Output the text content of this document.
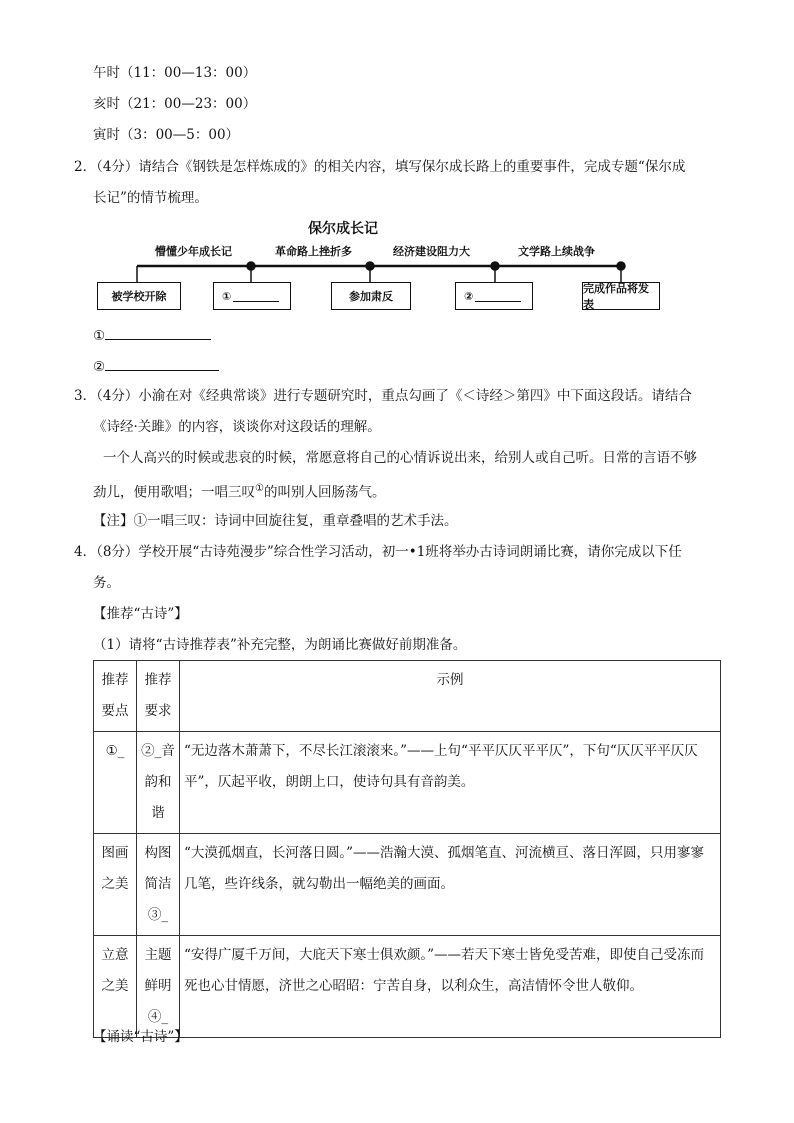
午时（11：00—13：00）
亥时（21：00—23：00）
寅时（3：00—5：00）
2．（4分）请结合《钢铁是怎样炼成的》的相关内容，填写保尔成长路上的重要事件，完成专题“保尔成
长记”的情节梳理。
保尔成长记
懵懂少年成长记	革命路上挫折多	经济建设阻力大	文学路上续战争
被学校开除	①	参加肃反	②
完成作品将发表
①
②
3．（4分）小渝在对《经典常谈》进行专题研究时，重点勾画了《＜诗经＞第四》中下面这段话。请结合
《诗经·关雎》的内容，谈谈你对这段话的理解。
一个人高兴的时候或悲哀的时候，常愿意将自己的心情诉说出来，给别人或自己听。日常的言语不够
劲儿，便用歌唱；一唱三叹①的叫别人回肠荡气。
【注】①一唱三叹：诗词中回旋往复，重章叠唱的艺术手法。
4．（8分）学校开展“古诗苑漫步”综合性学习活动，初一•1班将举办古诗词朗诵比赛，请你完成以下任
务。
【推荐“古诗”】
（1）请将“古诗推荐表”补充完整，为朗诵比赛做好前期准备。
推荐要点	推荐要求	示例
①_	②_音韵和谐	“无边落木萧萧下，不尽长江滚滚来。”——上句“平平仄仄平平仄”，下句“仄仄平平仄仄平”，仄起平收，朗朗上口，使诗句具有音韵美。
图画之美	构图简洁③_	“大漠孤烟直，长河落日圆。”——浩瀚大漠、孤烟笔直、河流横亘、落日浑圆，只用寥寥几笔，些许线条，就勾勒出一幅绝美的画面。
立意之美	主题鲜明④_	“安得广厦千万间，大庇天下寒士俱欢颜。”——若天下寒士皆免受苦难，即使自己受冻而死也心甘情愿，济世之心昭昭：宁苦自身，以利众生，高洁情怀令世人敬仰。
【诵读“古诗”】
